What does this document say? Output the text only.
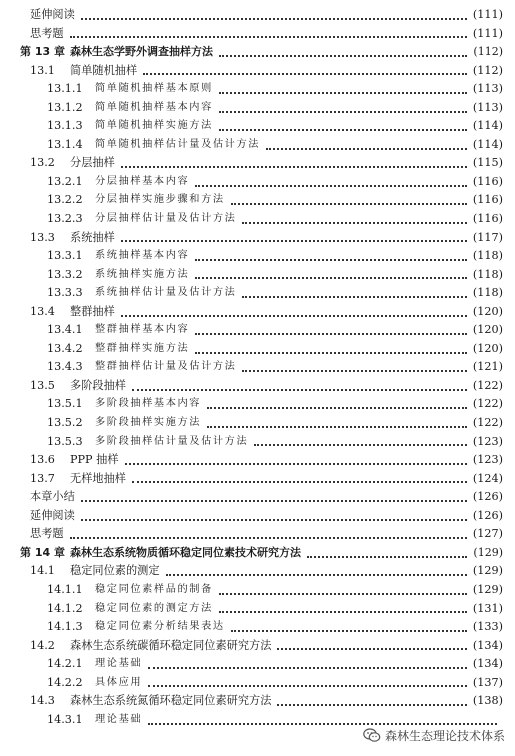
延伸阅读	(111)
思考题	(111)
第 13 章 森林生态学野外调查抽样方法	(112)
13.1	简单随机抽样	(112)
13.1.1	简单随机抽样基本原则	(113)
13.1.2	简单随机抽样基本内容	(113)
13.1.3	简单随机抽样实施方法	(114)
13.1.4	简单随机抽样估计量及估计方法	(114)
13.2	分层抽样	(115)
13.2.1	分层抽样基本内容	(116)
13.2.2	分层抽样实施步骤和方法	(116)
13.2.3	分层抽样估计量及估计方法	(116)
13.3	系统抽样	(117)
13.3.1	系统抽样基本内容	(118)
13.3.2	系统抽样实施方法	(118)
13.3.3	系统抽样估计量及估计方法	(118)
13.4	整群抽样	(120)
13.4.1	整群抽样基本内容	(120)
13.4.2	整群抽样实施方法	(120)
13.4.3	整群抽样估计量及估计方法	(121)
13.5	多阶段抽样	(122)
13.5.1	多阶段抽样基本内容	(122)
13.5.2	多阶段抽样实施方法	(122)
13.5.3	多阶段抽样估计量及估计方法	(123)
13.6	PPP 抽样	(123)
13.7	无样地抽样	(124)
本章小结	(126)
延伸阅读	(126)
思考题	(127)
第 14 章 森林生态系统物质循环稳定同位素技术研究方法	(129)
14.1	稳定同位素的测定	(129)
14.1.1	稳定同位素样品的制备	(129)
14.1.2	稳定同位素的测定方法	(131)
14.1.3	稳定同位素分析结果表达	(133)
14.2	森林生态系统碳循环稳定同位素研究方法	(134)
14.2.1	理论基础	(134)
14.2.2	具体应用	(137)
14.3	森林生态系统氮循环稳定同位素研究方法	(138)
14.3.1	理论基础
森林生态理论技术体系
